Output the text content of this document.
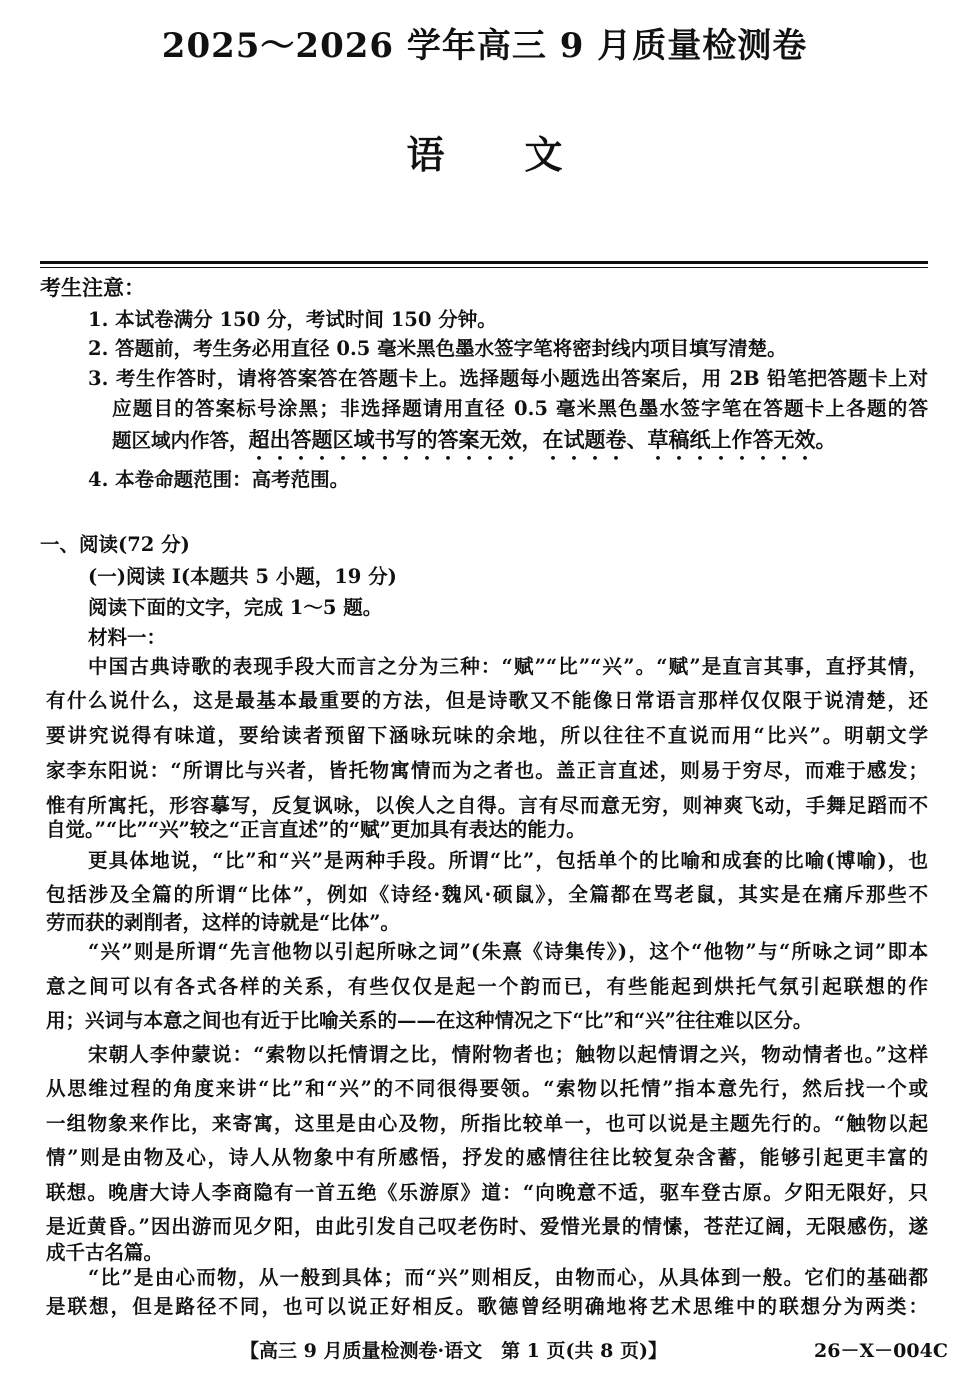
2025～2026 学年高三 9 月质量检测卷
语文
考生注意：
1. 本试卷满分 150 分，考试时间 150 分钟。
2. 答题前，考生务必用直径 0.5 毫米黑色墨水签字笔将密封线内项目填写清楚。
3. 考生作答时，请将答案答在答题卡上。选择题每小题选出答案后，用 2B 铅笔把答题卡上对
应题目的答案标号涂黑；非选择题请用直径 0.5 毫米黑色墨水签字笔在答题卡上各题的答
题区域内作答，超出答题区域书写的答案无效，在试题卷、草稿纸上作答无效。
4. 本卷命题范围：高考范围。
一、阅读(72 分)
(一)阅读 Ⅰ(本题共 5 小题，19 分)
阅读下面的文字，完成 1～5 题。
材料一：
中国古典诗歌的表现手段大而言之分为三种：“赋”“比”“兴”。“赋”是直言其事，直抒其情，
有什么说什么，这是最基本最重要的方法，但是诗歌又不能像日常语言那样仅仅限于说清楚，还
要讲究说得有味道，要给读者预留下涵咏玩味的余地，所以往往不直说而用“比兴”。明朝文学
家李东阳说：“所谓比与兴者，皆托物寓情而为之者也。盖正言直述，则易于穷尽，而难于感发；
惟有所寓托，形容摹写，反复讽咏，以俟人之自得。言有尽而意无穷，则神爽飞动，手舞足蹈而不
自觉。”“比”“兴”较之“正言直述”的“赋”更加具有表达的能力。
更具体地说，“比”和“兴”是两种手段。所谓“比”，包括单个的比喻和成套的比喻(博喻)，也
包括涉及全篇的所谓“比体”，例如《诗经·魏风·硕鼠》，全篇都在骂老鼠，其实是在痛斥那些不
劳而获的剥削者，这样的诗就是“比体”。
“兴”则是所谓“先言他物以引起所咏之词”(朱熹《诗集传》)，这个“他物”与“所咏之词”即本
意之间可以有各式各样的关系，有些仅仅是起一个韵而已，有些能起到烘托气氛引起联想的作
用；兴词与本意之间也有近于比喻关系的——在这种情况之下“比”和“兴”往往难以区分。
宋朝人李仲蒙说：“索物以托情谓之比，情附物者也；触物以起情谓之兴，物动情者也。”这样
从思维过程的角度来讲“比”和“兴”的不同很得要领。“索物以托情”指本意先行，然后找一个或
一组物象来作比，来寄寓，这里是由心及物，所指比较单一，也可以说是主题先行的。“触物以起
情”则是由物及心，诗人从物象中有所感悟，抒发的感情往往比较复杂含蓄，能够引起更丰富的
联想。晚唐大诗人李商隐有一首五绝《乐游原》道：“向晚意不适，驱车登古原。夕阳无限好，只
是近黄昏。”因出游而见夕阳，由此引发自己叹老伤时、爱惜光景的情愫，苍茫辽阔，无限感伤，遂
成千古名篇。
“比”是由心而物，从一般到具体；而“兴”则相反，由物而心，从具体到一般。它们的基础都
是联想，但是路径不同，也可以说正好相反。歌德曾经明确地将艺术思维中的联想分为两类：
【高三 9 月质量检测卷·语文　第 1 页(共 8 页)】	26－X－004C
